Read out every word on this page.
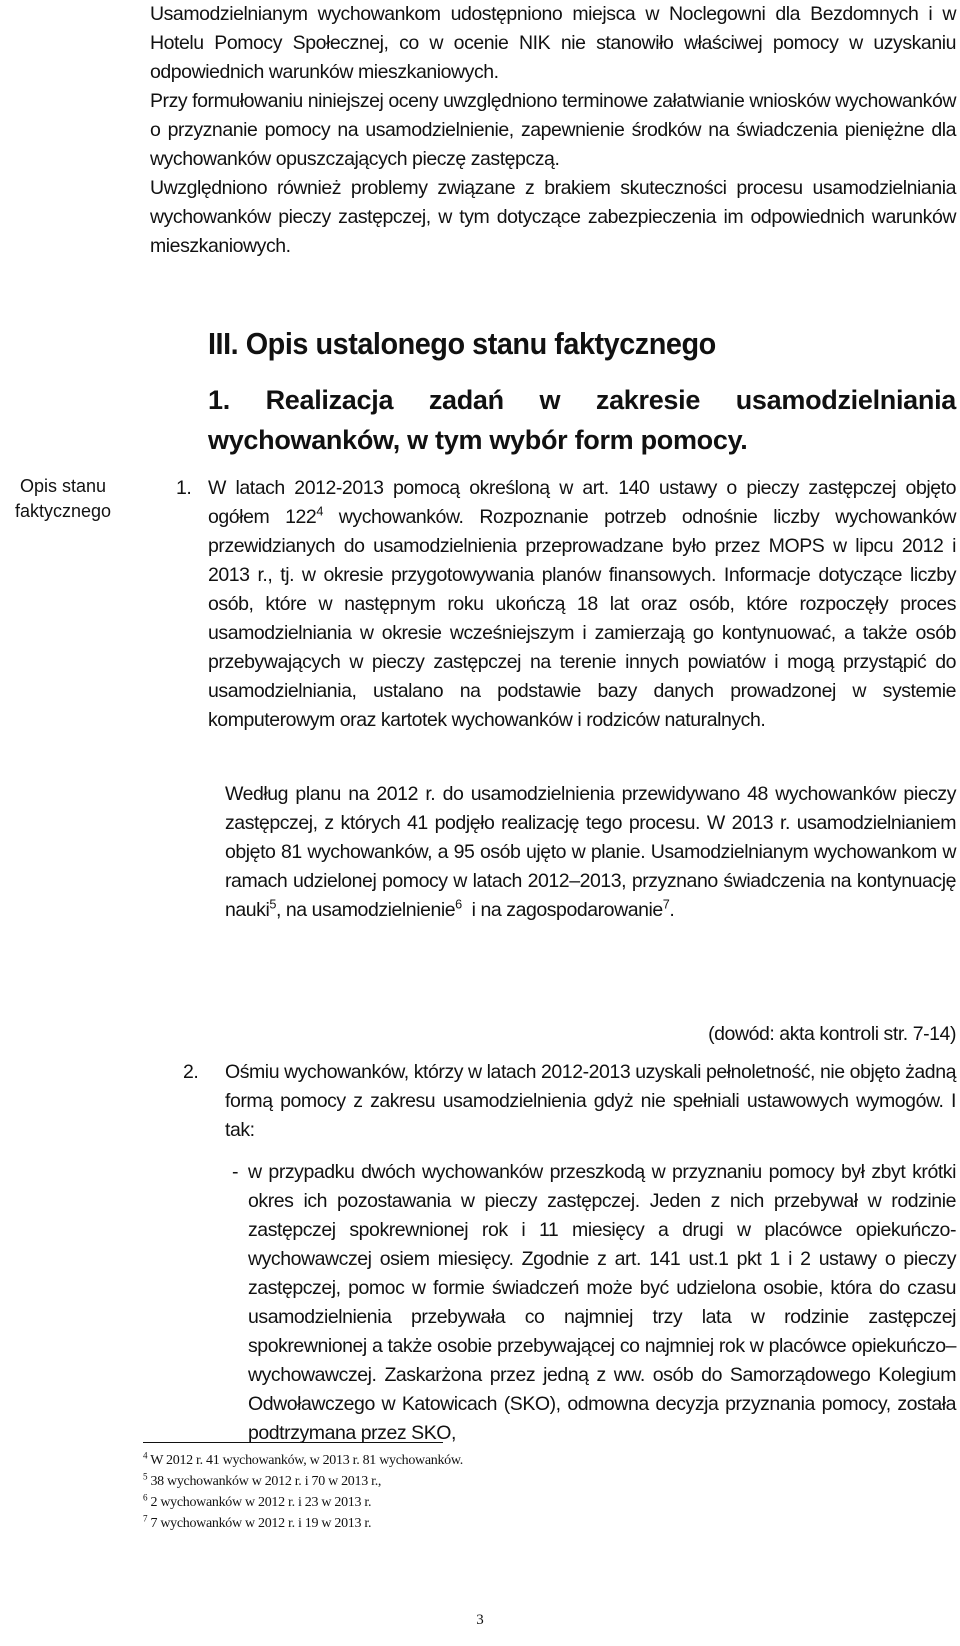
Usamodzielnianym wychowankom udostępniono miejsca w Noclegowni dla Bezdomnych i w Hotelu Pomocy Społecznej, co w ocenie NIK nie stanowiło właściwej pomocy w uzyskaniu odpowiednich warunków mieszkaniowych.

Przy formułowaniu niniejszej oceny uwzględniono terminowe załatwianie wniosków wychowanków o przyznanie pomocy na usamodzielnienie, zapewnienie środków na świadczenia pieniężne dla wychowanków opuszczających pieczę zastępczą.

Uwzględniono również problemy związane z brakiem skuteczności procesu usamodzielniania wychowanków pieczy zastępczej, w tym dotyczące zabezpieczenia im odpowiednich warunków mieszkaniowych.

III. Opis ustalonego stanu faktycznego
1. Realizacja zadań w zakresie usamodzielniania
wychowanków, w tym wybór form pomocy.
Opis stanu
faktycznego
1. W latach 2012-2013 pomocą określoną w art. 140 ustawy o pieczy zastępczej objęto ogółem $122^4$ wychowanków. Rozpoznanie potrzeb odnośnie liczby wychowanków przewidzianych do usamodzielnienia przeprowadzane było przez MOPS w lipcu 2012 i 2013 r., tj. w okresie przygotowywania planów finansowych. Informacje dotyczące liczby osób, które w następnym roku ukończą 18 lat oraz osób, które rozpoczęły proces usamodzielniania w okresie wcześniejszym i zamierzają go kontynuować, a także osób przebywających w pieczy zastępczej na terenie innych powiatów i mogą przystąpić do usamodzielniania, ustalano na podstawie bazy danych prowadzonej w systemie komputerowym oraz kartotek wychowanków i rodziców naturalnych.

Według planu na 2012 r. do usamodzielnienia przewidywano 48 wychowanków pieczy zastępczej, z których 41 podjęło realizację tego procesu. W 2013 r. usamodzielnianiem objęto 81 wychowanków, a 95 osób ujęto w planie. Usamodzielnianym wychowankom w ramach udzielonej pomocy w latach 2012–2013, przyznano świadczenia na kontynuację nauki$^5$, na usamodzielnienie$^6$  i na zagospodarowanie$^7$.

(dowód: akta kontroli str. 7-14)
2. Ośmiu wychowanków, którzy w latach 2012-2013 uzyskali pełnoletność, nie objęto żadną formą pomocy z zakresu usamodzielnienia gdyż nie spełniali ustawowych wymogów. I tak:

- w przypadku dwóch wychowanków przeszkodą w przyznaniu pomocy był zbyt krótki okres ich pozostawania w pieczy zastępczej. Jeden z nich przebywał w rodzinie zastępczej spokrewnionej rok i 11 miesięcy a drugi w placówce opiekuńczo-wychowawczej osiem miesięcy. Zgodnie z art. 141 ust.1 pkt 1 i 2 ustawy o pieczy zastępczej, pomoc w formie świadczeń może być udzielona osobie, która do czasu usamodzielnienia przebywała co najmniej trzy lata w rodzinie zastępczej spokrewnionej a także osobie przebywającej co najmniej rok w placówce opiekuńczo–wychowawczej. Zaskarżona przez jedną z ww. osób do Samorządowego Kolegium Odwoławczego w Katowicach (SKO), odmowna decyzja przyznania pomocy, została podtrzymana przez SKO,
$^4$ W 2012 r. 41 wychowanków, w 2013 r. 81 wychowanków.
$^5$ 38 wychowanków w 2012 r. i 70 w 2013 r.,
$^6$ 2 wychowanków w 2012 r. i 23 w 2013 r.
$^7$ 7 wychowanków w 2012 r. i 19 w 2013 r.
3
